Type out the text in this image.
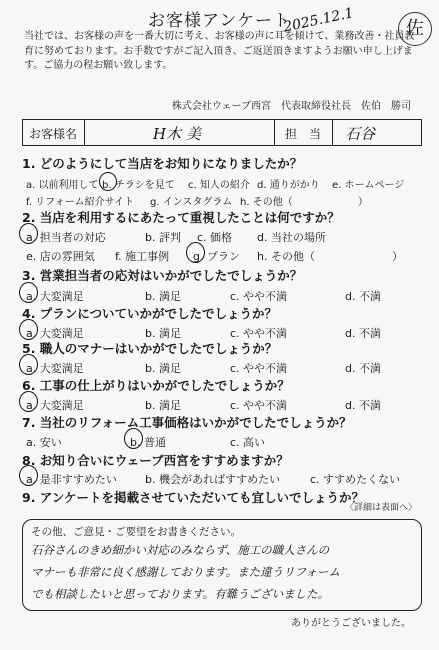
お客様アンケート
2025.12.1	佐
当社では、お客様の声を一番大切に考え、お客様の声に耳を傾けて、業務改善・社員教育に努めております。お手数ですがご記入頂き、ご返送頂きますようお願い申し上げます。ご協力の程お願い致します。
株式会社ウェーブ西宮　代表取締役社長　佐伯　勝司
お客様名	H木 美	担　当 石谷
1. どのようにして当店をお知りになりましたか？
a. 以前利用して b. チラシを見て c. 知人の紹介 d. 通りがかり e. ホームページ
f. リフォーム紹介サイト g. インスタグラム h. その他（	）
2. 当店を利用するにあたって重視したことは何ですか？
a. 担当者の対応	b. 評判 c. 価格 d. 当社の場所
e. 店の雰囲気 f. 施工事例 g. プラン h. その他（	）
3. 営業担当者の応対はいかがでしたでしょうか？
a. 大変満足	b. 満足	c. やや不満	d. 不満
4. プランについていかがでしたでしょうか？
a. 大変満足	b. 満足	c. やや不満	d. 不満
5. 職人のマナーはいかがでしたでしょうか？
a. 大変満足	b. 満足	c. やや不満	d. 不満
6. 工事の仕上がりはいかがでしたでしょうか？
a. 大変満足	b. 満足	c. やや不満	d. 不満
7. 当社のリフォーム工事価格はいかがでしたでしょうか？
a. 安い	b. 普通	c. 高い
8. お知り合いにウェーブ西宮をすすめますか？
a. 是非すすめたい	b. 機会があればすすめたい	c. すすめたくない
9. アンケートを掲載させていただいても宜しいでしょうか？
〈詳細は表面へ〉
その他、ご意見・ご要望をお書きください。
石谷さんのきめ細かい対応のみならず、施工の職人さんの
マナーも非常に良く感謝しております。また違うリフォーム
でも相談したいと思っております。有難うございました。
ありがとうございました。
